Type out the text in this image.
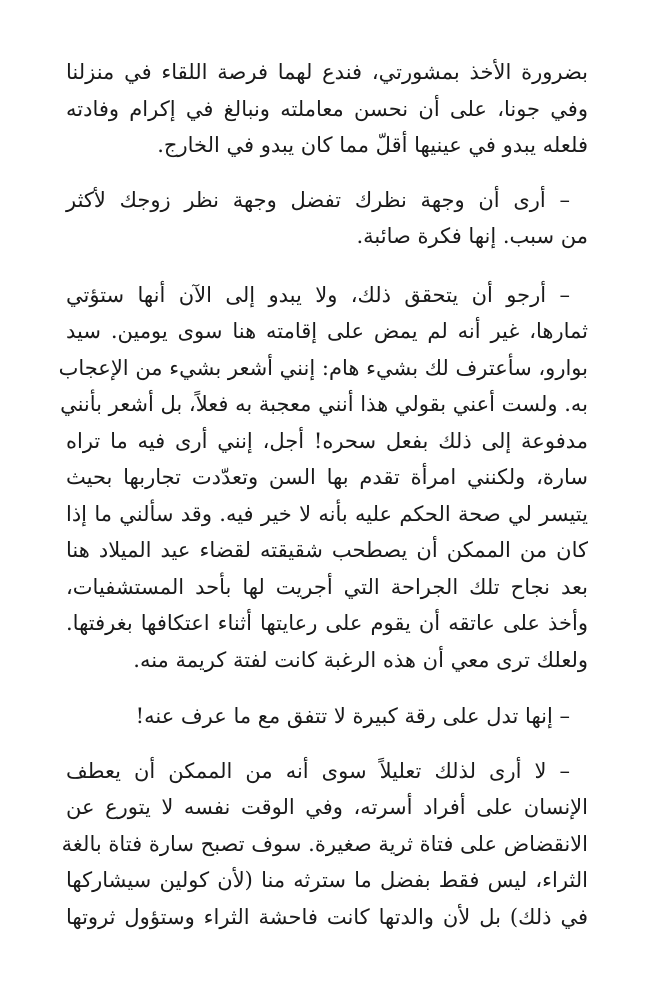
بضرورة الأخذ بمشورتي، فندع لهما فرصة اللقاء في منزلنا
وفي جونا، على أن نحسن معاملته ونبالغ في إكرام وفادته
فلعله يبدو في عينيها أقلّ مما كان يبدو في الخارج.
– أرى أن وجهة نظرك تفضل وجهة نظر زوجك لأكثر
من سبب. إنها فكرة صائبة.
– أرجو أن يتحقق ذلك، ولا يبدو إلى الآن أنها ستؤتي
ثمارها، غير أنه لم يمض على إقامته هنا سوى يومين. سيد
بوارو، سأعترف لك بشيء هام: إنني أشعر بشيء من الإعجاب
به. ولست أعني بقولي هذا أنني معجبة به فعلاً، بل أشعر بأنني
مدفوعة إلى ذلك بفعل سحره! أجل، إنني أرى فيه ما تراه
سارة، ولكنني امرأة تقدم بها السن وتعدّدت تجاربها بحيث
يتيسر لي صحة الحكم عليه بأنه لا خير فيه. وقد سألني ما إذا
كان من الممكن أن يصطحب شقيقته لقضاء عيد الميلاد هنا
بعد نجاح تلك الجراحة التي أجريت لها بأحد المستشفيات،
وأخذ على عاتقه أن يقوم على رعايتها أثناء اعتكافها بغرفتها.
ولعلك ترى معي أن هذه الرغبة كانت لفتة كريمة منه.
– إنها تدل على رقة كبيرة لا تتفق مع ما عرف عنه!
– لا أرى لذلك تعليلاً سوى أنه من الممكن أن يعطف
الإنسان على أفراد أسرته، وفي الوقت نفسه لا يتورع عن
الانقضاض على فتاة ثرية صغيرة. سوف تصبح سارة فتاة بالغة
الثراء، ليس فقط بفضل ما سترثه منا (لأن كولين سيشاركها
في ذلك) بل لأن والدتها كانت فاحشة الثراء وستؤول ثروتها
